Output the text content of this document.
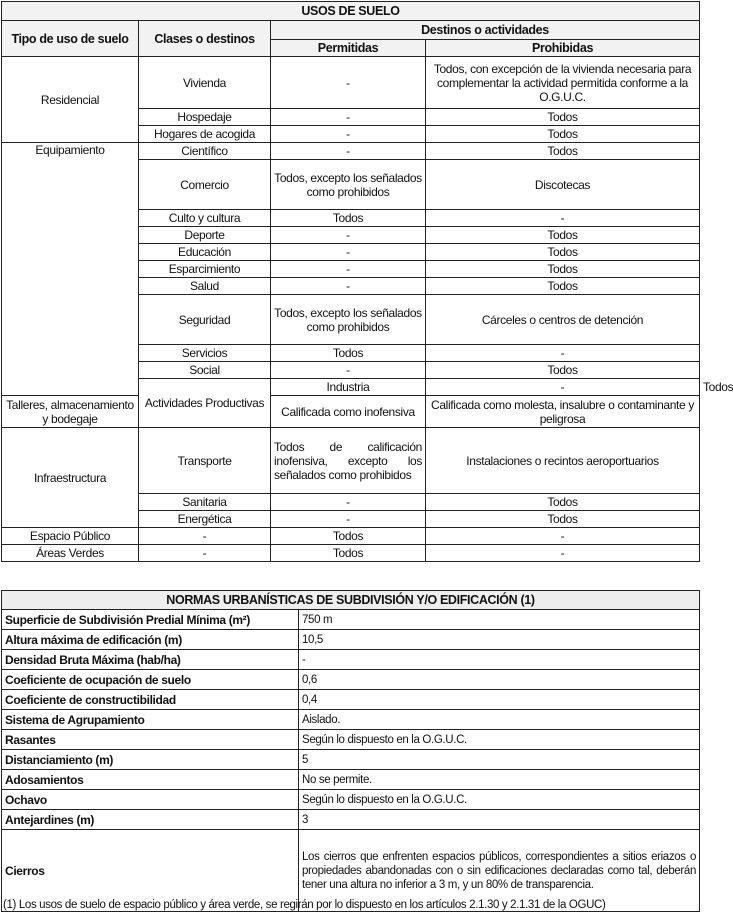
USOS DE SUELO				
Tipo de uso de suelo	Clases o destinos	Destinos o actividades		
		Permitidas	Prohibidas	
Residencial	Vivienda	-	Todos, con excepción de la vivienda necesaria para complementar la actividad permitida conforme a la O.G.U.C.	
	Hospedaje	-	Todos	
	Hogares de acogida	-	Todos	
Equipamiento	Científico	-	Todos	
	Comercio	Todos, excepto los señalados como prohibidos	Discotecas	
	Culto y cultura	Todos	-	
	Deporte	-	Todos	
	Educación	-	Todos	
	Esparcimiento	-	Todos	
	Salud	-	Todos	
	Seguridad	Todos, excepto los señalados como prohibidos	Cárceles o centros de detención	
	Servicios	Todos	-	
	Social	-	Todos	
	Actividades Productivas	Industria	-	Todos
Talleres, almacenamiento y bodegaje		Calificada como inofensiva	Calificada como molesta, insalubre o contaminante y peligrosa	
Infraestructura	Transporte	Todos de calificación inofensiva, excepto los señalados como prohibidos	Instalaciones o recintos aeroportuarios	
	Sanitaria	-	Todos	
	Energética	-	Todos	
Espacio Público	-	Todos	-	
Áreas Verdes	-	Todos	-	
NORMAS URBANÍSTICAS DE SUBDIVISIÓN Y/O EDIFICACIÓN (1)	
Superficie de Subdivisión Predial Mínima (m²)	750 m
Altura máxima de edificación (m)	10,5
Densidad Bruta Máxima (hab/ha)	-
Coeficiente de ocupación de suelo	0,6
Coeficiente de constructibilidad	0,4
Sistema de Agrupamiento	Aislado.
Rasantes	Según lo dispuesto en la O.G.U.C.
Distanciamiento (m)	5
Adosamientos	No se permite.
Ochavo	Según lo dispuesto en la O.G.U.C.
Antejardines (m)	3
Cierros	Los cierros que enfrenten espacios públicos, correspondientes a sitios eriazos o propiedades abandonadas con o sin edificaciones declaradas como tal, deberán tener una altura no inferior a 3 m, y un 80% de transparencia.
(1) Los usos de suelo de espacio público y área verde, se regirán por lo dispuesto en los artículos 2.1.30 y 2.1.31 de la OGUC)
